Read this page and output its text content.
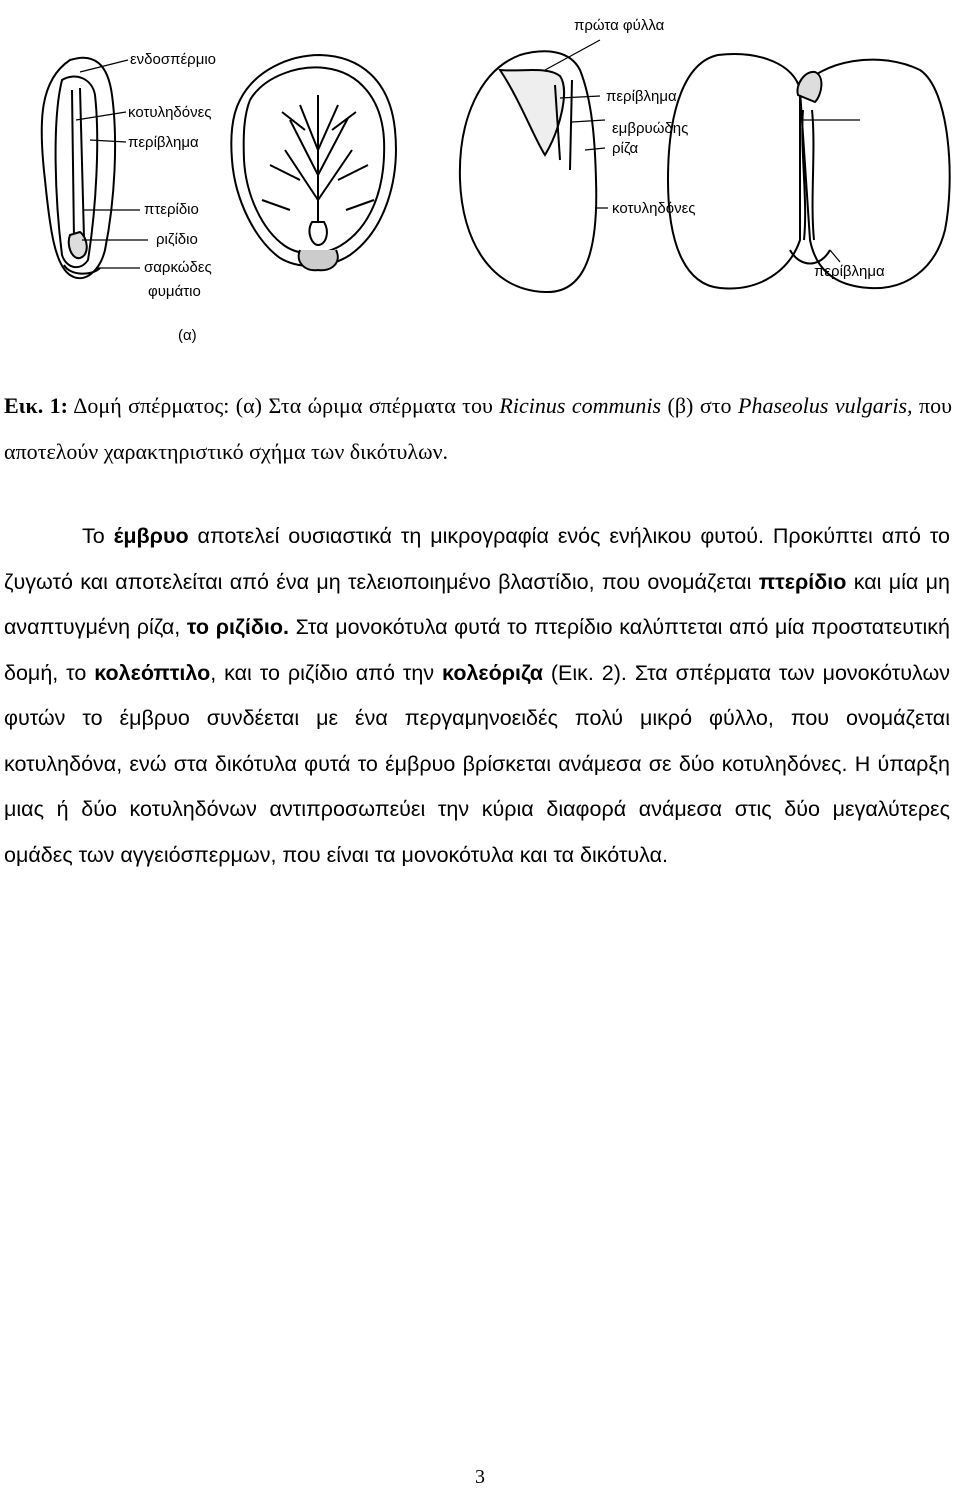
ενδοσπέρμιο
κοτυληδόνες
περίβλημα
πτερίδιο
ριζίδιο
σαρκώδες
φυμάτιο
(α)
πρώτα φύλλα
περίβλημα
εμβρυώδης
ρίζα
κοτυληδόνες
περίβλημα
Εικ. 1: Δομή σπέρματος: (α) Στα ώριμα σπέρματα του Ricinus communis (β) στο Phaseolus vulgaris, που αποτελούν χαρακτηριστικό σχήμα των δικότυλων.
Το έμβρυο αποτελεί ουσιαστικά τη μικρογραφία ενός ενήλικου φυτού. Προκύπτει από το ζυγωτό και αποτελείται από ένα μη τελειοποιημένο βλαστίδιο, που ονομάζεται πτερίδιο και μία μη αναπτυγμένη ρίζα, το ριζίδιο. Στα μονοκότυλα φυτά το πτερίδιο καλύπτεται από μία προστατευτική δομή, το κολεόπτιλο, και το ριζίδιο από την κολεόριζα (Εικ. 2). Στα σπέρματα των μονοκότυλων φυτών το έμβρυο συνδέεται με ένα περγαμηνοειδές πολύ μικρό φύλλο, που ονομάζεται κοτυληδόνα, ενώ στα δικότυλα φυτά το έμβρυο βρίσκεται ανάμεσα σε δύο κοτυληδόνες. Η ύπαρξη μιας ή δύο κοτυληδόνων αντιπροσωπεύει την κύρια διαφορά ανάμεσα στις δύο μεγαλύτερες ομάδες των αγγειόσπερμων, που είναι τα μονοκότυλα και τα δικότυλα.
3
